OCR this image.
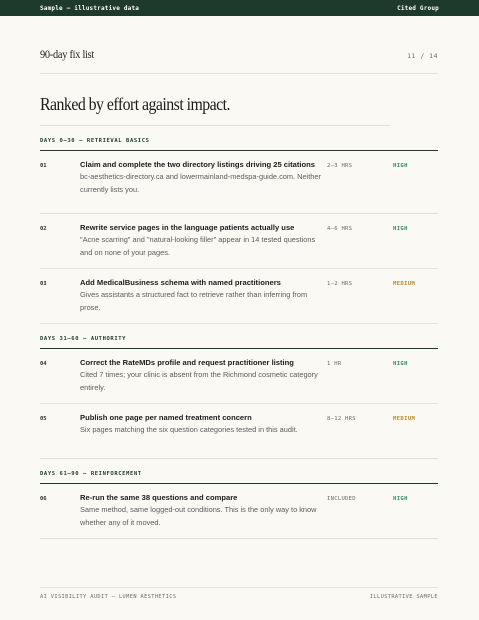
Sample — illustrative data	Cited Group
90-day fix list	11 / 14
Ranked by effort against impact.
DAYS 0–30 — RETRIEVAL BASICS
01	Claim and complete the two directory listings driving 25 citations
bc-aesthetics-directory.ca and lowermainland-medspa-guide.com. Neither currently lists you.
2–3 HRS	HIGH
02	Rewrite service pages in the language patients actually use
"Acne scarring" and "natural-looking filler" appear in 14 tested questions and on none of your pages.
4–6 HRS	HIGH
03	Add MedicalBusiness schema with named practitioners
Gives assistants a structured fact to retrieve rather than inferring from prose.
1–2 HRS	MEDIUM
DAYS 31–60 — AUTHORITY
04	Correct the RateMDs profile and request practitioner listing
Cited 7 times; your clinic is absent from the Richmond cosmetic category entirely.
1 HR	HIGH
05	Publish one page per named treatment concern
Six pages matching the six question categories tested in this audit.
8–12 HRS	MEDIUM
DAYS 61–90 — REINFORCEMENT
06	Re-run the same 38 questions and compare
Same method, same logged-out conditions. This is the only way to know whether any of it moved.
INCLUDED	HIGH
AI VISIBILITY AUDIT — LUMEN AESTHETICS	ILLUSTRATIVE SAMPLE
